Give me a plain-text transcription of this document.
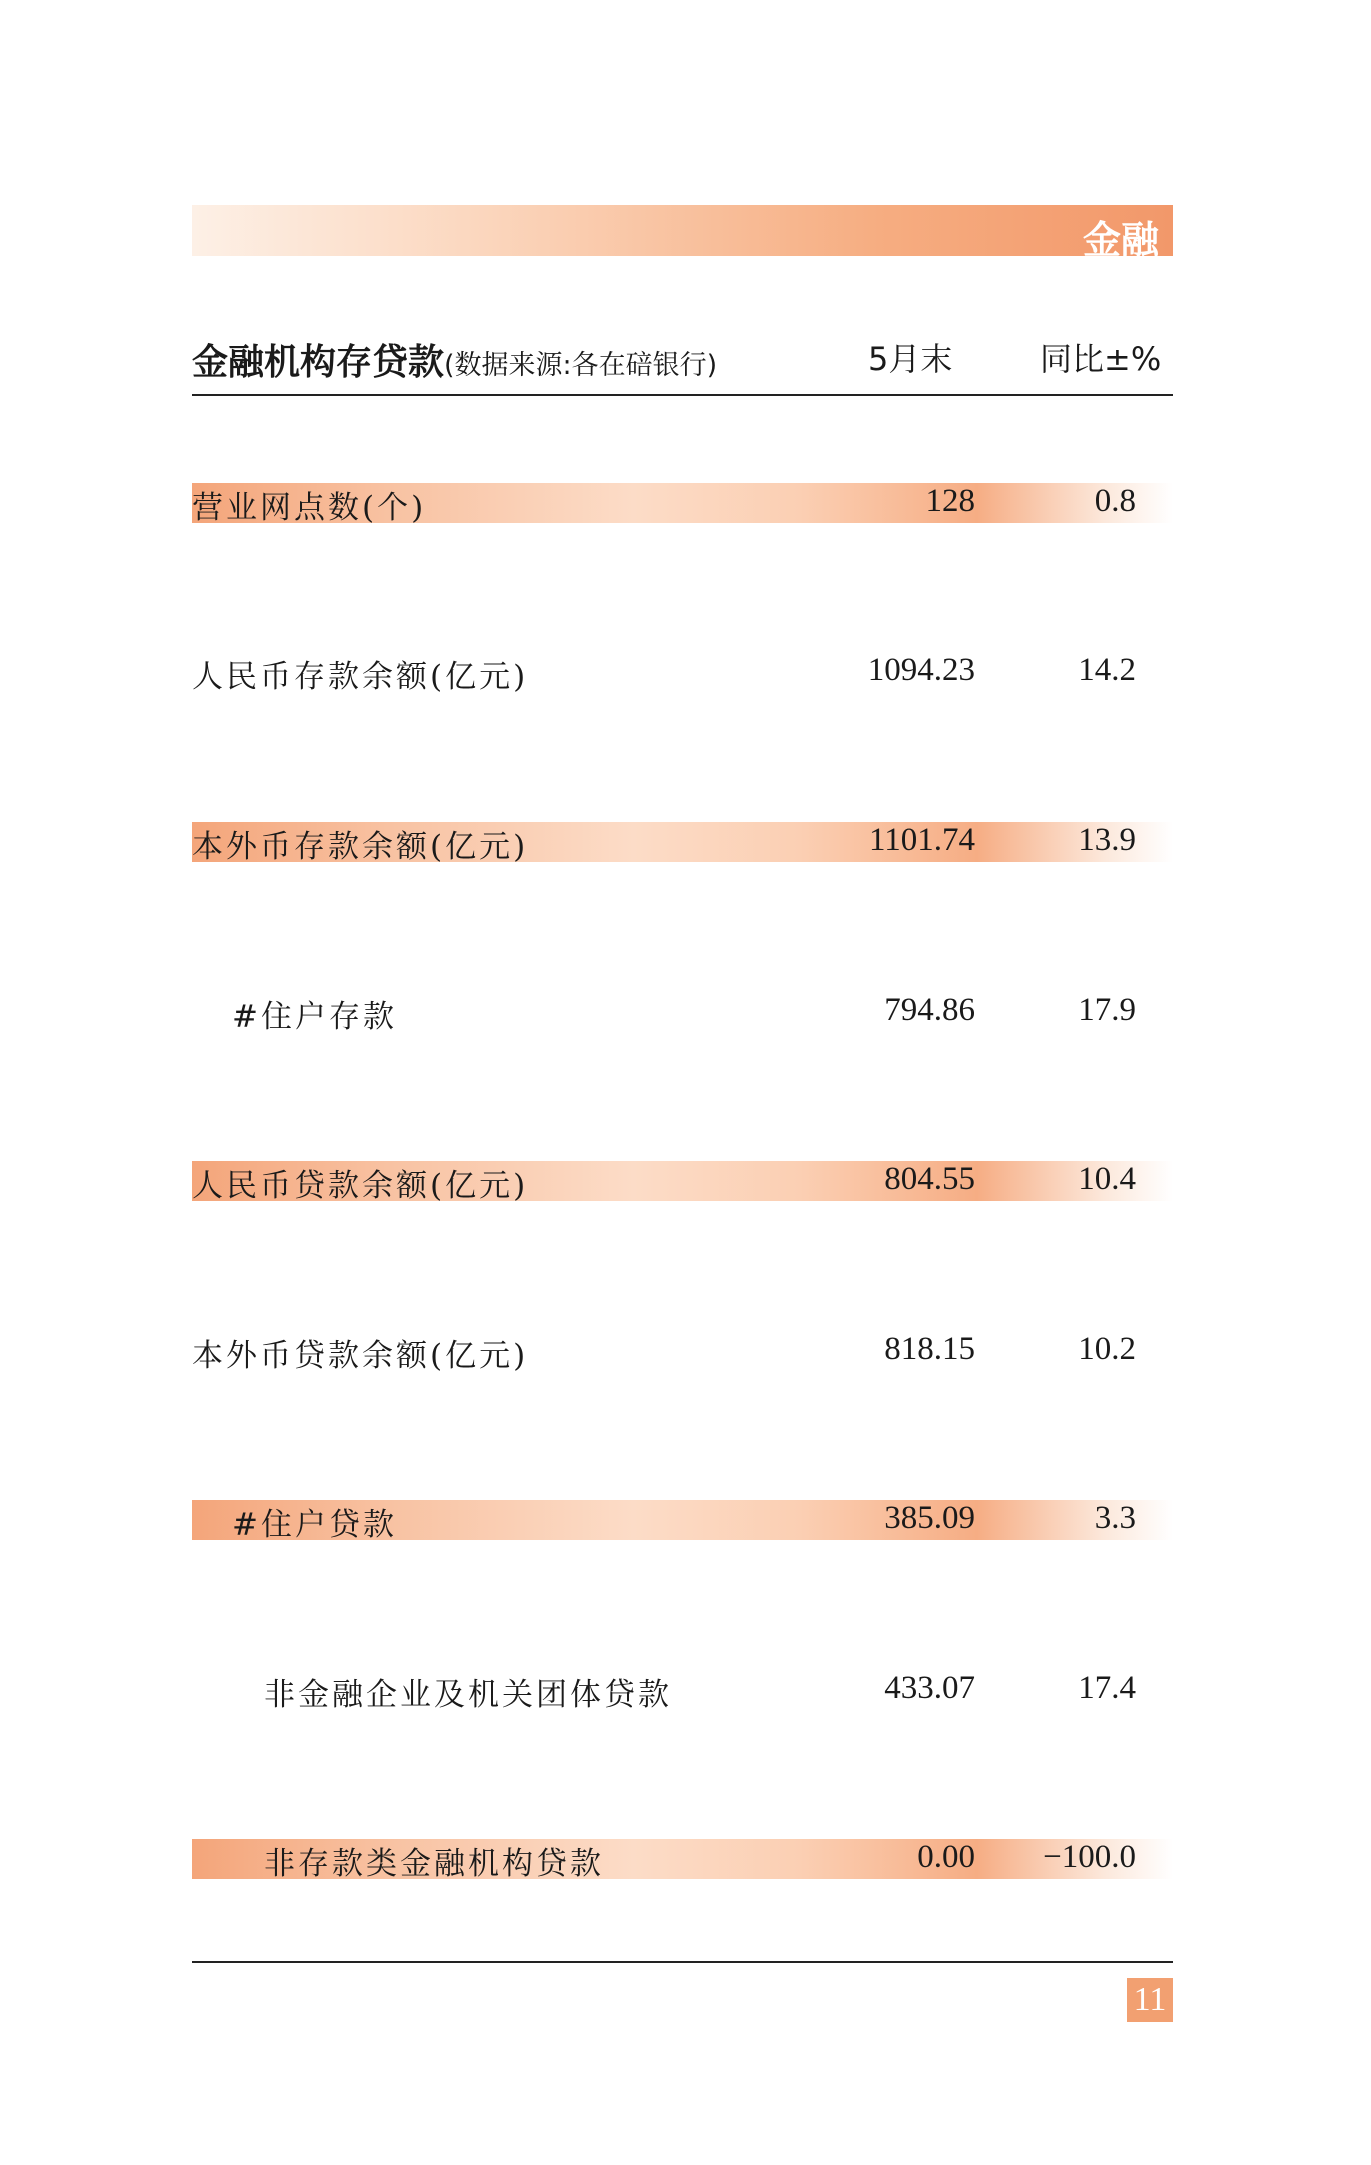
金融
金融机构存贷款(数据来源:各在碚银行)	5月末	同比±%
营业网点数(个)	128	0.8
人民币存款余额(亿元)	1094.23	14.2
本外币存款余额(亿元)	1101.74	13.9
#住户存款	794.86	17.9
人民币贷款余额(亿元)	804.55	10.4
本外币贷款余额(亿元)	818.15	10.2
#住户贷款	385.09	3.3
非金融企业及机关团体贷款	433.07	17.4
非存款类金融机构贷款	0.00 −100.0
11
